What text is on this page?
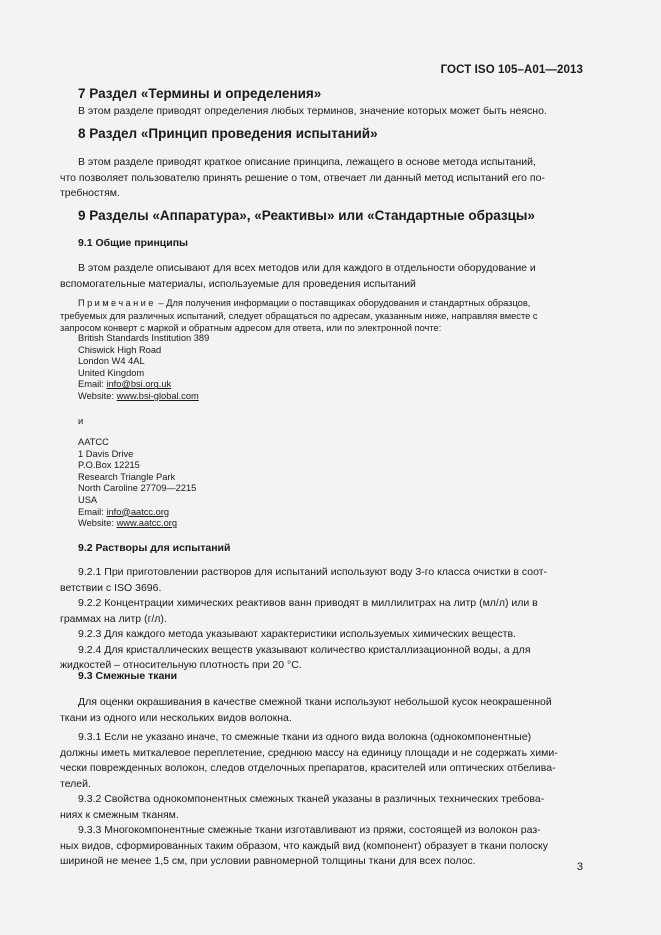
ГОСТ ISO 105–A01—2013
7 Раздел «Термины и определения»
В этом разделе приводят определения любых терминов, значение которых может быть неясно.
8 Раздел «Принцип проведения испытаний»
В этом разделе приводят краткое описание принципа, лежащего в основе метода испытаний,
что позволяет пользователю принять решение о том, отвечает ли данный метод испытаний его по-
требностям.
9 Разделы «Аппаратура», «Реактивы» или «Стандартные образцы»
9.1 Общие принципы
В этом разделе описывают для всех методов или для каждого в отдельности оборудование и
вспомогательные материалы, используемые для проведения испытаний
Примечание – Для получения информации о поставщиках оборудования и стандартных образцов,
требуемых для различных испытаний, следует обращаться по адресам, указанным ниже, направляя вместе с
запросом конверт с маркой и обратным адресом для ответа, или по электронной почте:
British Standards Institution 389
Chiswick High Road
London W4 4AL
United Kingdom
Email: info@bsi.org.uk
Website: www.bsi-global.com
и
AATCC
1 Davis Drive
P.O.Box 12215
Research Triangle Park
North Caroline 27709—2215
USA
Email: info@aatcc.org
Website: www.aatcc.org
9.2 Растворы для испытаний
9.2.1 При приготовлении растворов для испытаний используют воду 3-го класса очистки в соот-
ветствии с ISO 3696.
9.2.2 Концентрации химических реактивов ванн приводят в миллилитрах на литр (мл/л) или в
граммах на литр (г/л).
9.2.3 Для каждого метода указывают характеристики используемых химических веществ.
9.2.4 Для кристаллических веществ указывают количество кристаллизационной воды, а для
жидкостей – относительную плотность при 20 °C.
9.3 Смежные ткани
Для оценки окрашивания в качестве смежной ткани используют небольшой кусок неокрашенной
ткани из одного или нескольких видов волокна.
9.3.1 Если не указано иначе, то смежные ткани из одного вида волокна (однокомпонентные)
должны иметь миткалевое переплетение, среднюю массу на единицу площади и не содержать хими-
чески поврежденных волокон, следов отделочных препаратов, красителей или оптических отбелива-
телей.
9.3.2 Свойства однокомпонентных смежных тканей указаны в различных технических требова-
ниях к смежным тканям.
9.3.3 Многокомпонентные смежные ткани изготавливают из пряжи, состоящей из волокон раз-
ных видов, сформированных таким образом, что каждый вид (компонент) образует в ткани полоску
шириной не менее 1,5 см, при условии равномерной толщины ткани для всех полос.	3
